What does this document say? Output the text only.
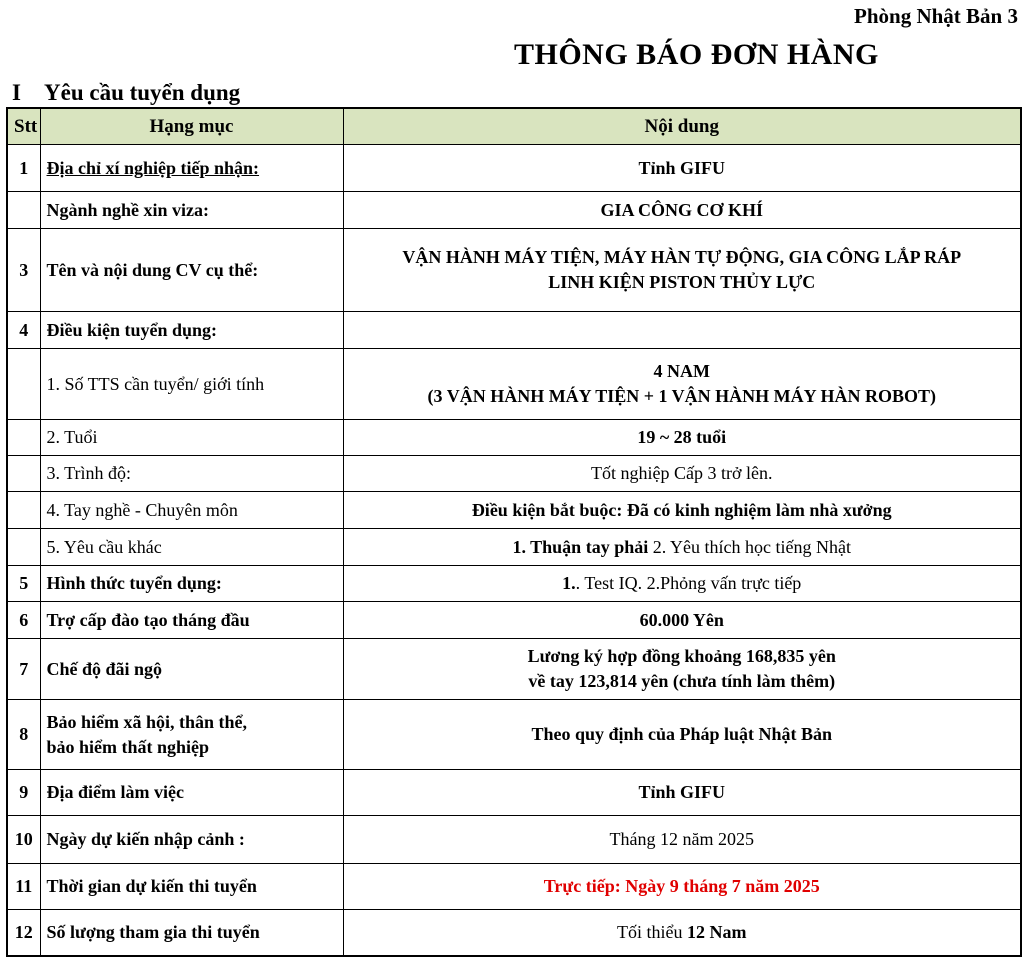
Phòng Nhật Bản 3
THÔNG BÁO ĐƠN HÀNG
I Yêu cầu tuyển dụng
Stt	Hạng mục	Nội dung
1	Địa chỉ xí nghiệp tiếp nhận:	Tỉnh GIFU
	Ngành nghề xin viza:	GIA CÔNG CƠ KHÍ
3	Tên và nội dung CV cụ thể:	VẬN HÀNH MÁY TIỆN, MÁY HÀN TỰ ĐỘNG, GIA CÔNG LẮP RÁP
LINH KIỆN PISTON THỦY LỰC

4	Điều kiện tuyển dụng:	
	1. Số TTS cần tuyển/ giới tính	4 NAM
(3 VẬN HÀNH MÁY TIỆN + 1 VẬN HÀNH MÁY HÀN ROBOT)

	2. Tuổi	19 ~ 28 tuổi
	3. Trình độ:	Tốt nghiệp Cấp 3 trở lên.
	4. Tay nghề - Chuyên môn	Điều kiện bắt buộc: Đã có kinh nghiệm làm nhà xưởng
	5. Yêu cầu khác	1. Thuận tay phải 2. Yêu thích học tiếng Nhật
5	Hình thức tuyển dụng:	1.. Test IQ. 2.Phỏng vấn trực tiếp
6	Trợ cấp đào tạo tháng đầu	60.000 Yên
7	Chế độ đãi ngộ	Lương ký hợp đồng khoảng 168,835 yên
về tay 123,814 yên (chưa tính làm thêm)

8	Bảo hiểm xã hội, thân thể,
bảo hiểm thất nghiệp	Theo quy định của Pháp luật Nhật Bản
9	Địa điểm làm việc	Tỉnh GIFU
10	Ngày dự kiến nhập cảnh :	Tháng 12 năm 2025
11	Thời gian dự kiến thi tuyển	Trực tiếp: Ngày 9 tháng 7 năm 2025
12	Số lượng tham gia thi tuyển	Tối thiểu 12 Nam
